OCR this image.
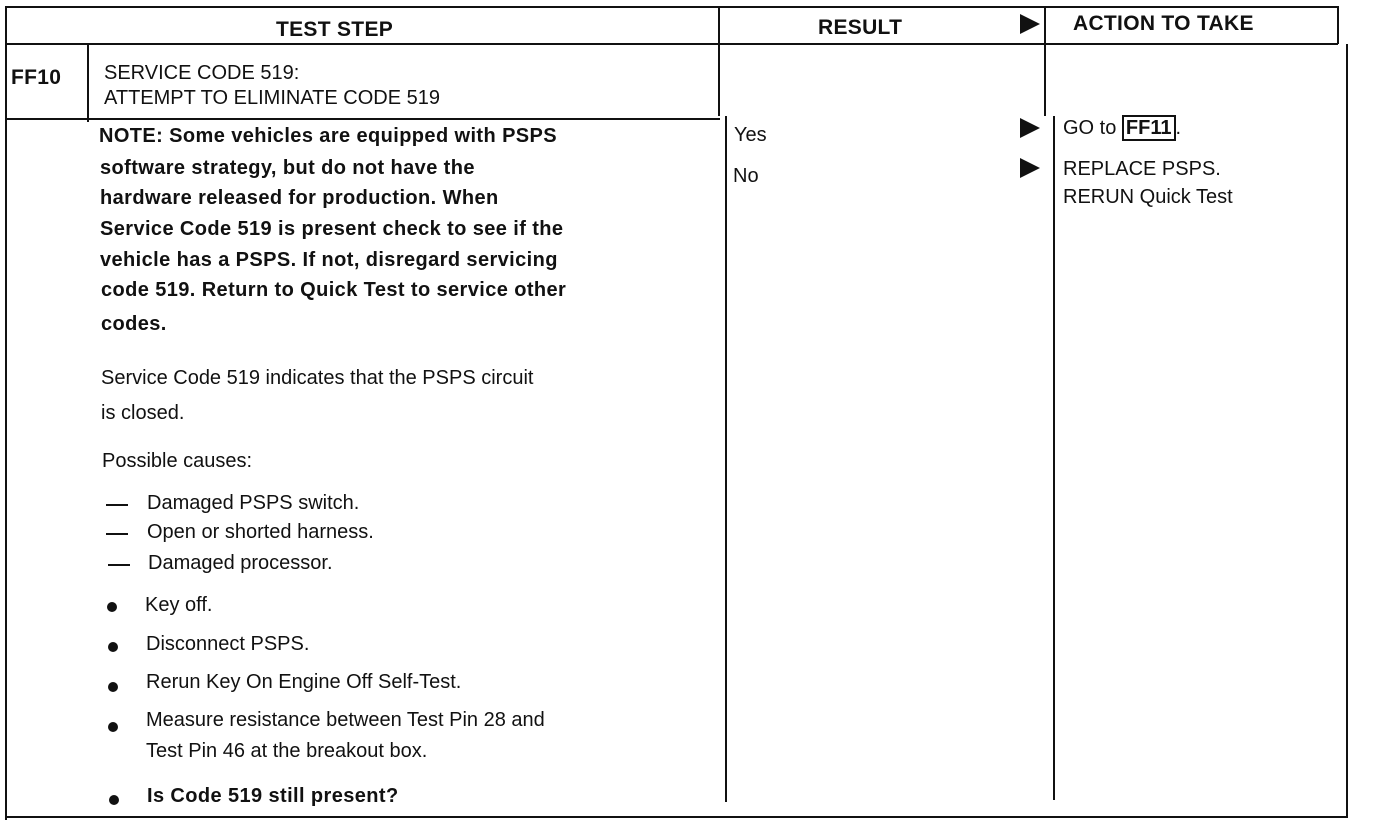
TEST STEP	RESULT	ACTION TO TAKE
FF10 SERVICE CODE 519:
ATTEMPT TO ELIMINATE CODE 519
NOTE: Some vehicles are equipped with PSPS
software strategy, but do not have the
hardware released for production. When
Service Code 519 is present check to see if the
vehicle has a PSPS. If not, disregard servicing
code 519. Return to Quick Test to service other
codes.
Service Code 519 indicates that the PSPS circuit
is closed.
Possible causes:
Damaged PSPS switch.
Open or shorted harness.
Damaged processor.
Key off.
Disconnect PSPS.
Rerun Key On Engine Off Self-Test.
Measure resistance between Test Pin 28 and
Test Pin 46 at the breakout box.
Is Code 519 still present?
Yes
No
GO to FF11 .
REPLACE PSPS.
RERUN Quick Test
